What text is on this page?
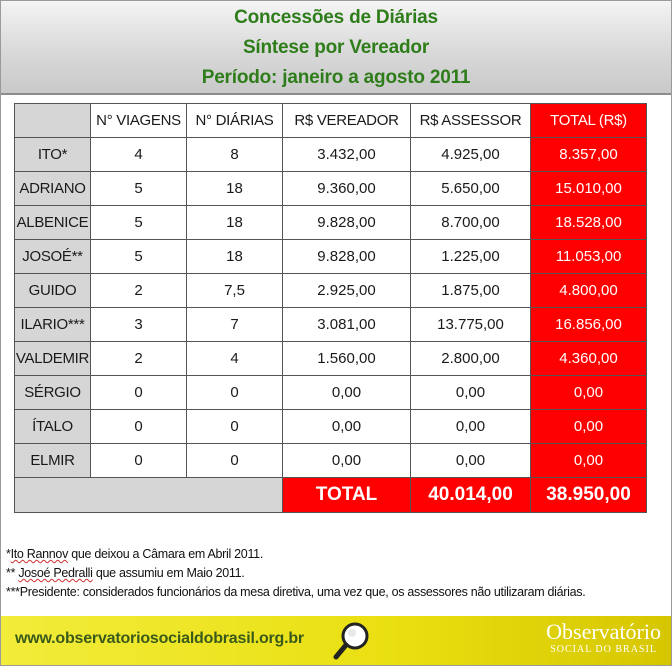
Concessões de Diárias
Síntese por Vereador
Período: janeiro a agosto 2011
	N° VIAGENS	N° DIÁRIAS	R$ VEREADOR	R$ ASSESSOR	TOTAL (R$)	
ITO*	4	8	3.432,00	4.925,00	8.357,00	
ADRIANO	5	18	9.360,00	5.650,00	15.010,00	
ALBENICE	5	18	9.828,00	8.700,00	18.528,00	
JOSOÉ**	5	18	9.828,00	1.225,00	11.053,00	
GUIDO	2	7,5	2.925,00	1.875,00	4.800,00	
ILARIO***	3	7	3.081,00	13.775,00	16.856,00	
VALDEMIR	2	4	1.560,00	2.800,00	4.360,00	
SÉRGIO	0	0	0,00	0,00	0,00	
ÍTALO	0	0	0,00	0,00	0,00	
ELMIR	0	0	0,00	0,00	0,00	
			TOTAL	40.014,00	38.950,00	
*Ito Rannov que deixou a Câmara em Abril 2011.
** Josoé Pedralli que assumiu em Maio 2011.
***Presidente: considerados funcionários da mesa diretiva, uma vez que, os assessores não utilizaram diárias.
www.observatoriosocialdobrasil.org.br	Observatório
SOCIAL DO BRASIL
